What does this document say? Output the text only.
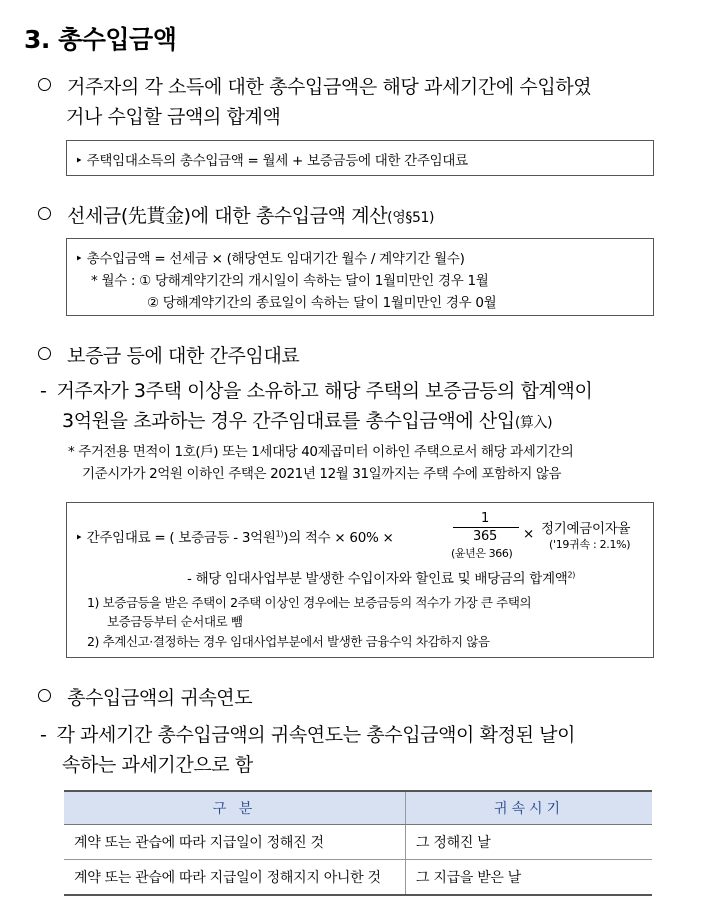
3. 총수입금액
거주자의 각 소득에 대한 총수입금액은 해당 과세기간에 수입하였
거나 수입할 금액의 합계액
‣ 주택임대소득의 총수입금액 = 월세 + 보증금등에 대한 간주임대료
선세금(先貰金)에 대한 총수입금액 계산(영§51)
‣ 총수입금액 = 선세금 × (해당연도 임대기간 월수 / 계약기간 월수)
* 월수 : ① 당해계약기간의 개시일이 속하는 달이 1월미만인 경우 1월
② 당해계약기간의 종료일이 속하는 달이 1월미만인 경우 0월
보증금 등에 대한 간주임대료
- 거주자가 3주택 이상을 소유하고 해당 주택의 보증금등의 합계액이
3억원을 초과하는 경우 간주임대료를 총수입금액에 산입(算入)
* 주거전용 면적이 1호(戶) 또는 1세대당 40제곱미터 이하인 주택으로서 해당 과세기간의
기준시가가 2억원 이하인 주택은 2021년 12월 31일까지는 주택 수에 포함하지 않음
‣ 간주임대료 = ( 보증금등 - 3억원$^{1)}$)의 적수 × 60% ×
1
365
(윤년은 366)
× 정기예금이자율
('19귀속 : 2.1%)
- 해당 임대사업부분 발생한 수입이자와 할인료 및 배당금의 합계액$^{2)}$
1) 보증금등을 받은 주택이 2주택 이상인 경우에는 보증금등의 적수가 가장 큰 주택의
보증금등부터 순서대로 뺌
2) 추계신고·결정하는 경우 임대사업부분에서 발생한 금융수익 차감하지 않음
총수입금액의 귀속연도
- 각 과세기간 총수입금액의 귀속연도는 총수입금액이 확정된 날이
속하는 과세기간으로 함
구 분	귀속시기
계약 또는 관습에 따라 지급일이 정해진 것	그 정해진 날
계약 또는 관습에 따라 지급일이 정해지지 아니한 것	그 지급을 받은 날
